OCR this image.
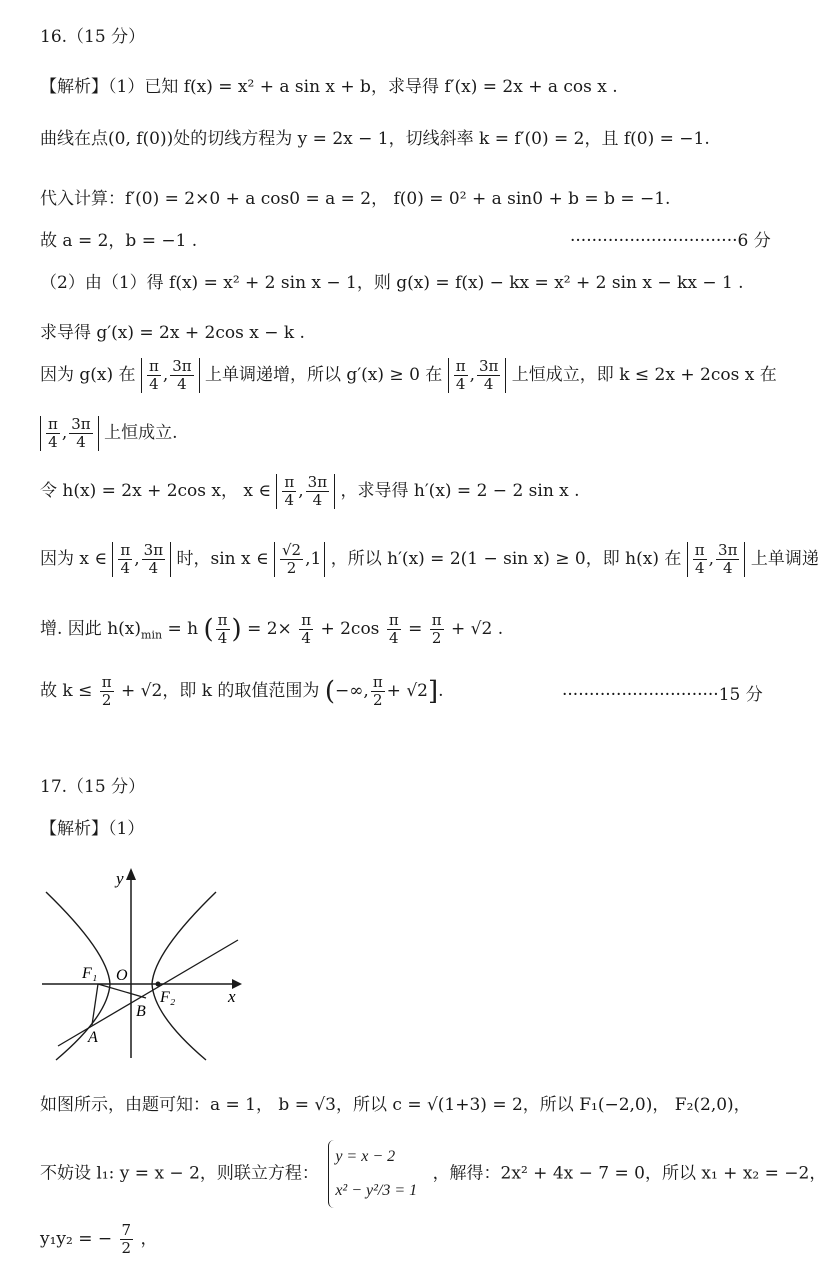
16.（15 分）
【解析】（1）已知 f(x) = x² + a sin x + b，求导得 f′(x) = 2x + a cos x .
曲线在点(0, f(0))处的切线方程为 y = 2x − 1，切线斜率 k = f′(0) = 2，且 f(0) = −1.
代入计算：f′(0) = 2×0 + a cos0 = a = 2， f(0) = 0² + a sin0 + b = b = −1.
故 a = 2，b = −1 .	·······························6 分
（2）由（1）得 f(x) = x² + 2 sin x − 1，则 g(x) = f(x) − kx = x² + 2 sin x − kx − 1 .
求导得 g′(x) = 2x + 2cos x − k .
因为 g(x) 在 $\frac{\pi}{4}$ , $\frac{3\pi}{4}$ 上单调递增，所以 g′(x) ≥ 0 在 $\frac{\pi}{4}$ , $\frac{3\pi}{4}$ 上恒成立，即 k ≤ 2x + 2cos x 在
$\frac{\pi}{4}$ , $\frac{3\pi}{4}$ 上恒成立.
令 h(x) = 2x + 2cos x， x ∈ $\frac{\pi}{4}$ , $\frac{3\pi}{4}$ ，求导得 h′(x) = 2 − 2 sin x .
因为 x ∈ $\frac{\pi}{4}$ , $\frac{3\pi}{4}$ 时，sin x ∈ $\frac{√2}{2} ,1$ ，所以 h′(x) = 2(1 − sin x) ≥ 0，即 h(x) 在 $\frac{\pi}{4}$ , $\frac{3\pi}{4}$ 上单调递
增. 因此 $h(x)_{min} = h$ ( $\frac{\pi}{4}$ ) = $2\times \frac{\pi}{4} + 2\cos \frac{\pi}{4} = \frac{\pi}{2} + √2$ .
故 $k \le \frac{\pi}{2} + √2$，即 k 的取值范围为 (−∞, $\frac{\pi}{2} + √2$].	·····························15 分
17.（15 分）
【解析】（1）
y
x
O
F₁
F₂
B
A
如图所示，由题可知：a = 1， b = √3，所以 c = √(1+3) = 2，所以 F₁(−2,0)， F₂(2,0)，
不妨设 l₁: y = x − 2，则联立方程：
y = x − 2
x² − y²/3 = 1
，解得：2x² + 4x − 7 = 0，所以 x₁ + x₂ = −2，
y₁y₂ = − $\frac{7}{2}$ ，
